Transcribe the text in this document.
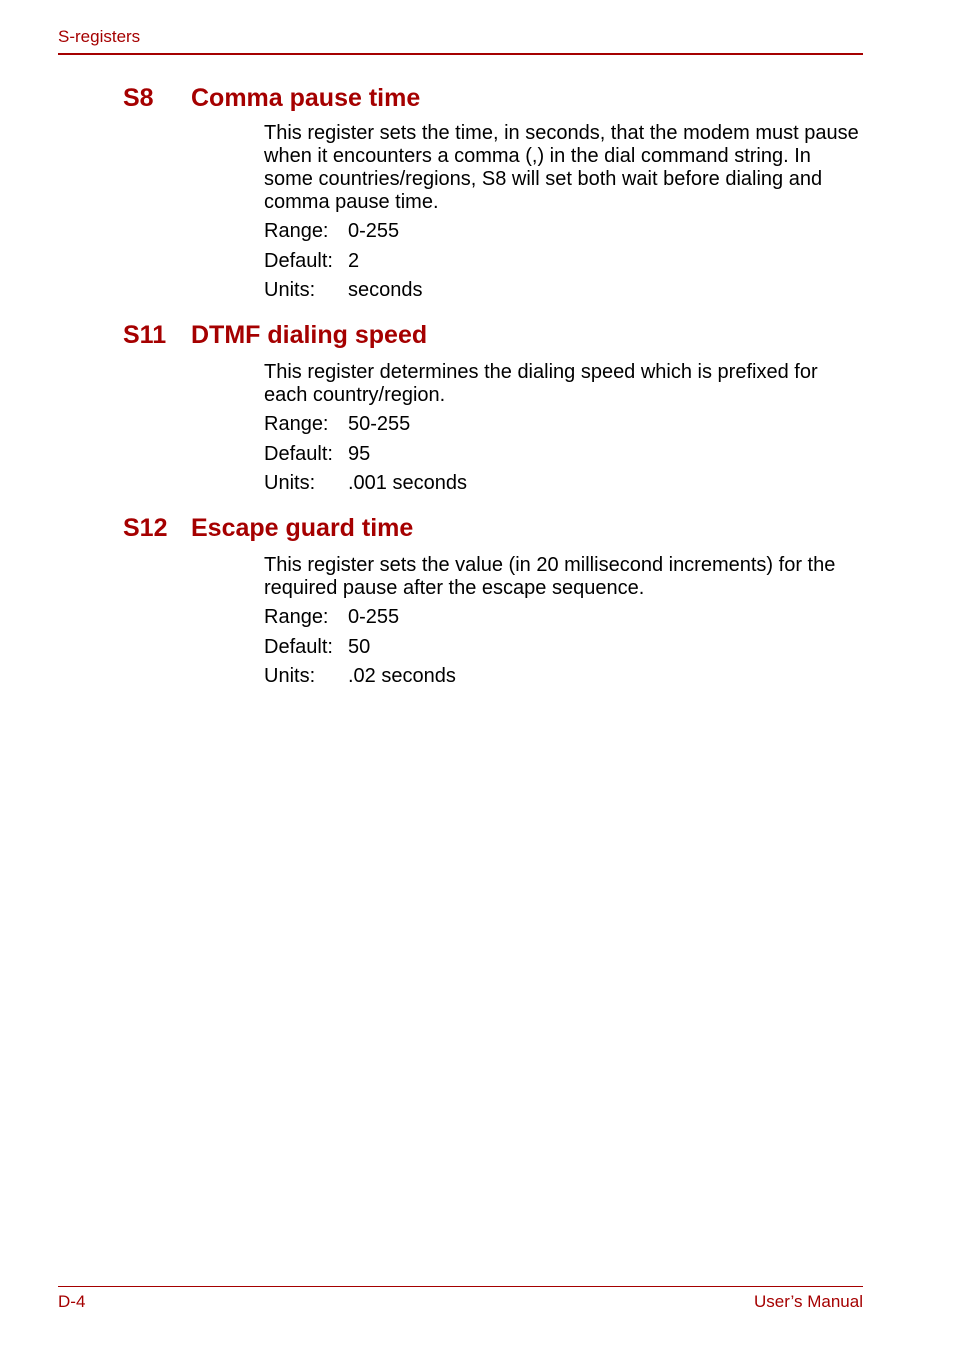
S-registers
S8 Comma pause time

This register sets the time, in seconds, that the modem must pause when it encounters a comma (,) in the dial command string. In some countries/regions, S8 will set both wait before dialing and comma pause time.

Range: 0-255
Default: 2
Units:	seconds
S11 DTMF dialing speed

This register determines the dialing speed which is prefixed for each country/region.

Range: 50-255
Default: 95
Units:	.001 seconds
S12 Escape guard time

This register sets the value (in 20 millisecond increments) for the required pause after the escape sequence.

Range: 0-255
Default: 50
Units:	.02 seconds
D-4	User’s Manual
